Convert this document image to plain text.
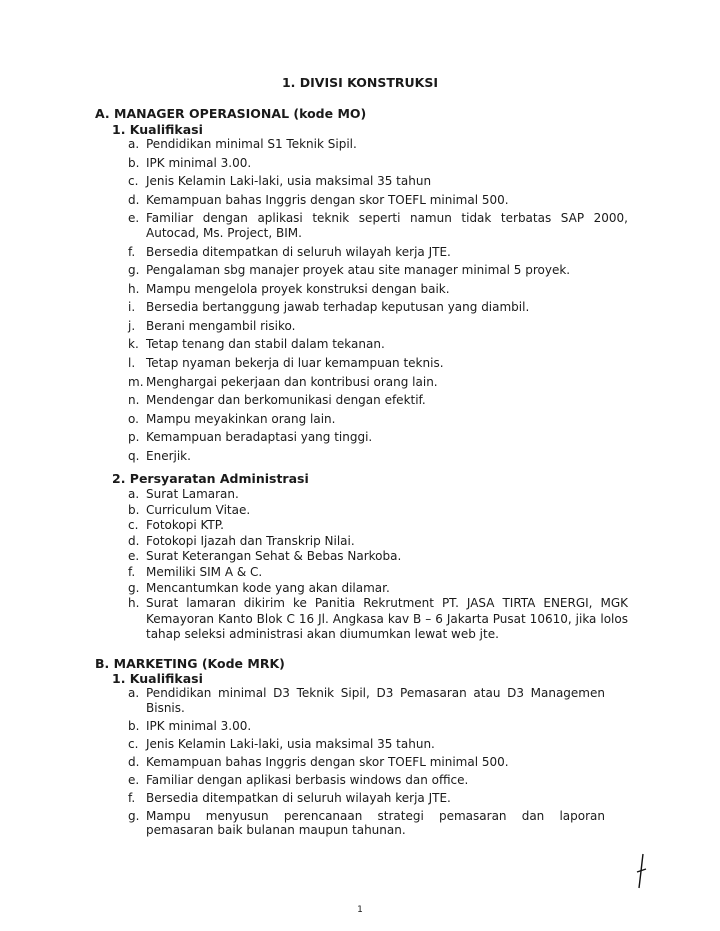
1. DIVISI KONSTRUKSI
A. MANAGER OPERASIONAL (kode MO)
1. Kualifikasi
a. Pendidikan minimal S1 Teknik Sipil.
b. IPK minimal 3.00.
c. Jenis Kelamin Laki-laki, usia maksimal 35 tahun
d. Kemampuan bahas Inggris dengan skor TOEFL minimal 500.
e. Familiar dengan aplikasi teknik seperti namun tidak terbatas SAP 2000, Autocad, Ms. Project, BIM.
f. Bersedia ditempatkan di seluruh wilayah kerja JTE.
g. Pengalaman sbg manajer proyek atau site manager minimal 5 proyek.
h. Mampu mengelola proyek konstruksi dengan baik.
i. Bersedia bertanggung jawab terhadap keputusan yang diambil.
j. Berani mengambil risiko.
k. Tetap tenang dan stabil dalam tekanan.
l. Tetap nyaman bekerja di luar kemampuan teknis.
m. Menghargai pekerjaan dan kontribusi orang lain.
n. Mendengar dan berkomunikasi dengan efektif.
o. Mampu meyakinkan orang lain.
p. Kemampuan beradaptasi yang tinggi.
q. Enerjik.
2. Persyaratan Administrasi
a. Surat Lamaran.
b. Curriculum Vitae.
c. Fotokopi KTP.
d. Fotokopi Ijazah dan Transkrip Nilai.
e. Surat Keterangan Sehat & Bebas Narkoba.
f. Memiliki SIM A & C.
g. Mencantumkan kode yang akan dilamar.
h. Surat lamaran dikirim ke Panitia Rekrutment PT. JASA TIRTA ENERGI, MGK Kemayoran Kanto Blok C 16 Jl. Angkasa kav B – 6 Jakarta Pusat 10610, jika lolos tahap seleksi administrasi akan diumumkan lewat web jte.
B. MARKETING (Kode MRK)
1. Kualifikasi
a. Pendidikan minimal D3 Teknik Sipil, D3 Pemasaran atau D3 Managemen Bisnis.
b. IPK minimal 3.00.
c. Jenis Kelamin Laki-laki, usia maksimal 35 tahun.
d. Kemampuan bahas Inggris dengan skor TOEFL minimal 500.
e. Familiar dengan aplikasi berbasis windows dan office.
f. Bersedia ditempatkan di seluruh wilayah kerja JTE.
g. Mampu menyusun perencanaan strategi pemasaran dan laporan pemasaran baik bulanan maupun tahunan.
1
